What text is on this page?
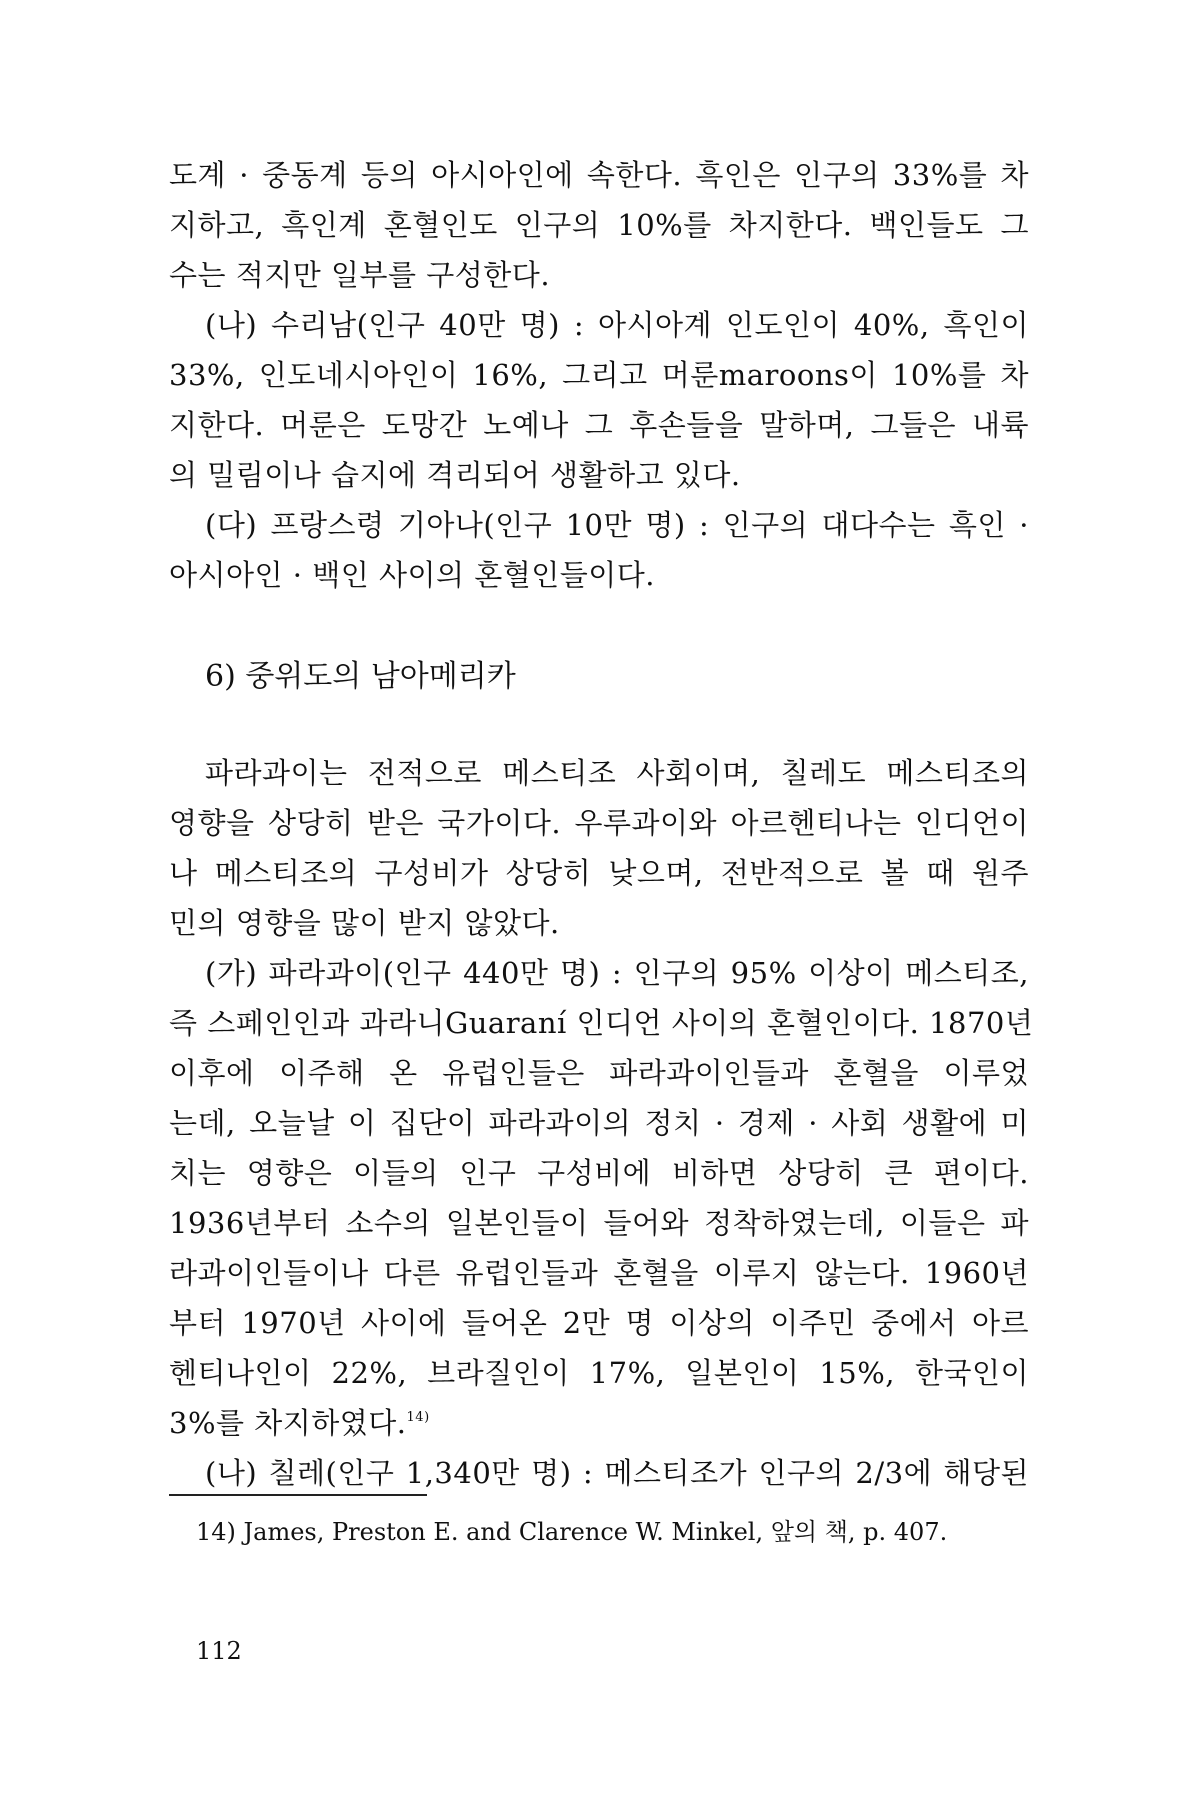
도계 · 중동계 등의 아시아인에 속한다. 흑인은 인구의 33%를 차
지하고, 흑인계 혼혈인도 인구의 10%를 차지한다. 백인들도 그
수는 적지만 일부를 구성한다.
(나) 수리남(인구 40만 명) : 아시아계 인도인이 40%, 흑인이
33%, 인도네시아인이 16%, 그리고 머룬maroons이 10%를 차
지한다. 머룬은 도망간 노예나 그 후손들을 말하며, 그들은 내륙
의 밀림이나 습지에 격리되어 생활하고 있다.
(다) 프랑스령 기아나(인구 10만 명) : 인구의 대다수는 흑인 ·
아시아인 · 백인 사이의 혼혈인들이다.
6) 중위도의 남아메리카
파라과이는 전적으로 메스티조 사회이며, 칠레도 메스티조의
영향을 상당히 받은 국가이다. 우루과이와 아르헨티나는 인디언이
나 메스티조의 구성비가 상당히 낮으며, 전반적으로 볼 때 원주
민의 영향을 많이 받지 않았다.
(가) 파라과이(인구 440만 명) : 인구의 95% 이상이 메스티조,
즉 스페인인과 과라니Guaraní 인디언 사이의 혼혈인이다. 1870년
이후에 이주해 온 유럽인들은 파라과이인들과 혼혈을 이루었
는데, 오늘날 이 집단이 파라과이의 정치 · 경제 · 사회 생활에 미
치는 영향은 이들의 인구 구성비에 비하면 상당히 큰 편이다.
1936년부터 소수의 일본인들이 들어와 정착하였는데, 이들은 파
라과이인들이나 다른 유럽인들과 혼혈을 이루지 않는다. 1960년
부터 1970년 사이에 들어온 2만 명 이상의 이주민 중에서 아르
헨티나인이 22%, 브라질인이 17%, 일본인이 15%, 한국인이
3%를 차지하였다.$^{14)}$
(나) 칠레(인구 1,340만 명) : 메스티조가 인구의 2/3에 해당된
14) James, Preston E. and Clarence W. Minkel, 앞의 책, p. 407.
112
